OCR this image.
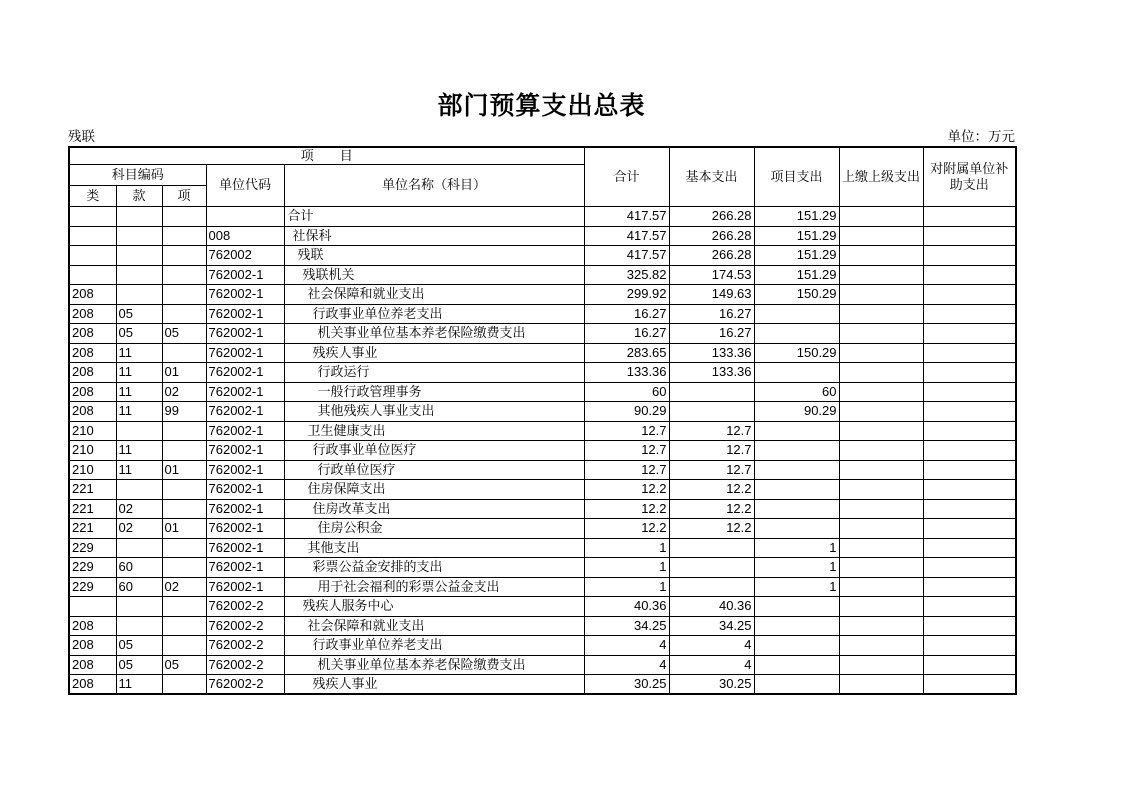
部门预算支出总表
残联	单位：万元
项　　目					合计	基本支出	项目支出	上缴上级支出	对附属单位补助支出
科目编码			单位代码	单位名称（科目）					
类	款	项							
				合计	417.57	266.28	151.29		
			008	社保科	417.57	266.28	151.29		
			762002	残联	417.57	266.28	151.29		
			762002-1	残联机关	325.82	174.53	151.29		
208			762002-1	社会保障和就业支出	299.92	149.63	150.29		
208	05		762002-1	行政事业单位养老支出	16.27	16.27			
208	05	05	762002-1	机关事业单位基本养老保险缴费支出	16.27	16.27			
208	11		762002-1	残疾人事业	283.65	133.36	150.29		
208	11	01	762002-1	行政运行	133.36	133.36			
208	11	02	762002-1	一般行政管理事务	60		60		
208	11	99	762002-1	其他残疾人事业支出	90.29		90.29		
210			762002-1	卫生健康支出	12.7	12.7			
210	11		762002-1	行政事业单位医疗	12.7	12.7			
210	11	01	762002-1	行政单位医疗	12.7	12.7			
221			762002-1	住房保障支出	12.2	12.2			
221	02		762002-1	住房改革支出	12.2	12.2			
221	02	01	762002-1	住房公积金	12.2	12.2			
229			762002-1	其他支出	1		1		
229	60		762002-1	彩票公益金安排的支出	1		1		
229	60	02	762002-1	用于社会福利的彩票公益金支出	1		1		
			762002-2	残疾人服务中心	40.36	40.36			
208			762002-2	社会保障和就业支出	34.25	34.25			
208	05		762002-2	行政事业单位养老支出	4	4			
208	05	05	762002-2	机关事业单位基本养老保险缴费支出	4	4			
208	11		762002-2	残疾人事业	30.25	30.25			
